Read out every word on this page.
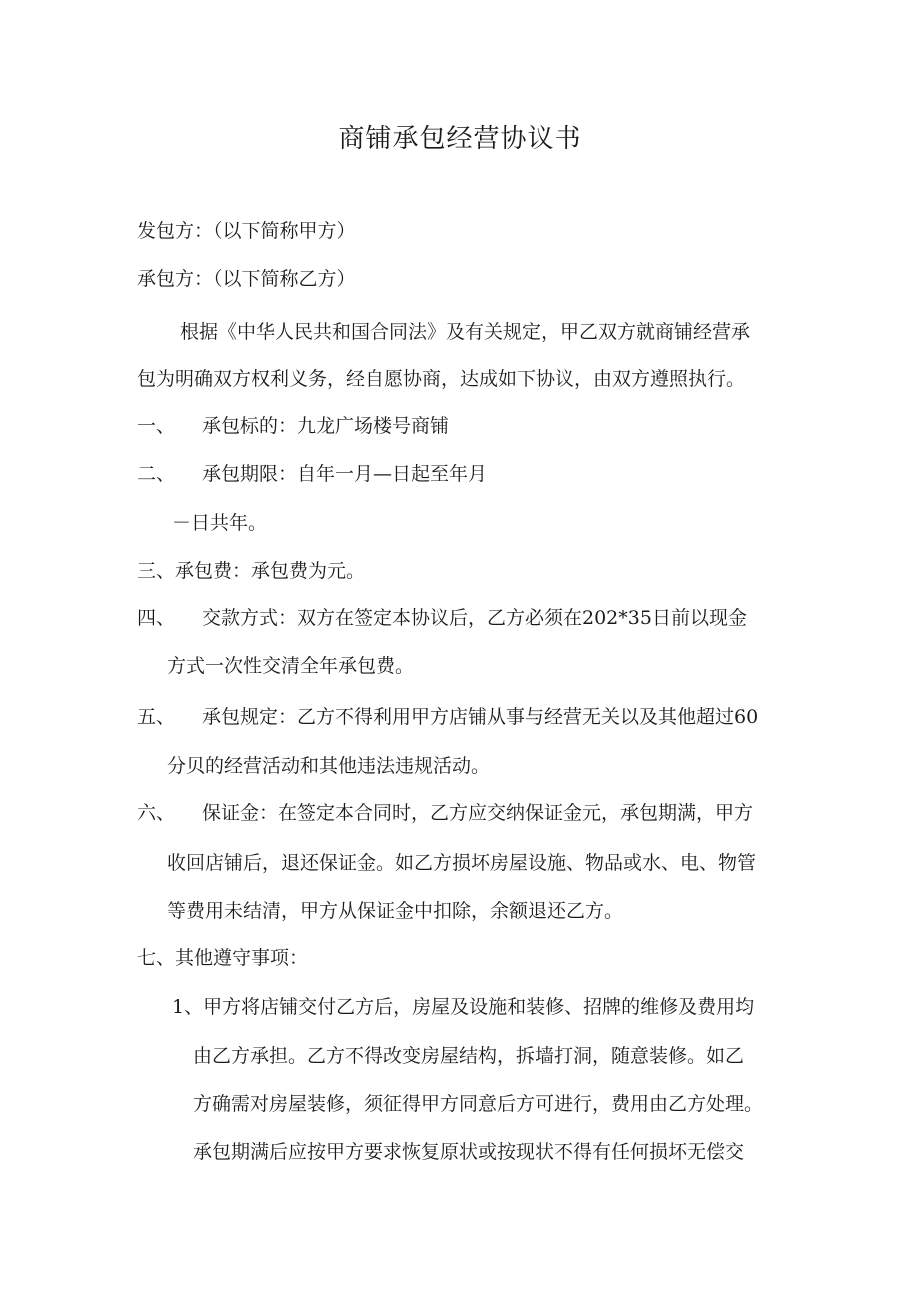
商铺承包经营协议书
发包方：（以下简称甲方）
承包方：（以下简称乙方）
根据《中华人民共和国合同法》及有关规定，甲乙双方就商铺经营承
包为明确双方权利义务，经自愿协商，达成如下协议，由双方遵照执行。
一、 承包标的：九龙广场楼号商铺
二、 承包期限：自年一月—日起至年月
－日共年。
三、承包费：承包费为元。
四、 交款方式：双方在签定本协议后，乙方必须在202*35日前以现金
方式一次性交清全年承包费。
五、 承包规定：乙方不得利用甲方店铺从事与经营无关以及其他超过60
分贝的经营活动和其他违法违规活动。
六、 保证金：在签定本合同时，乙方应交纳保证金元，承包期满，甲方
收回店铺后，退还保证金。如乙方损坏房屋设施、物品或水、电、物管
等费用未结清，甲方从保证金中扣除，余额退还乙方。
七、其他遵守事项：
1、甲方将店铺交付乙方后，房屋及设施和装修、招牌的维修及费用均
由乙方承担。乙方不得改变房屋结构，拆墙打洞，随意装修。如乙
方确需对房屋装修，须征得甲方同意后方可进行，费用由乙方处理。
承包期满后应按甲方要求恢复原状或按现状不得有任何损坏无偿交
